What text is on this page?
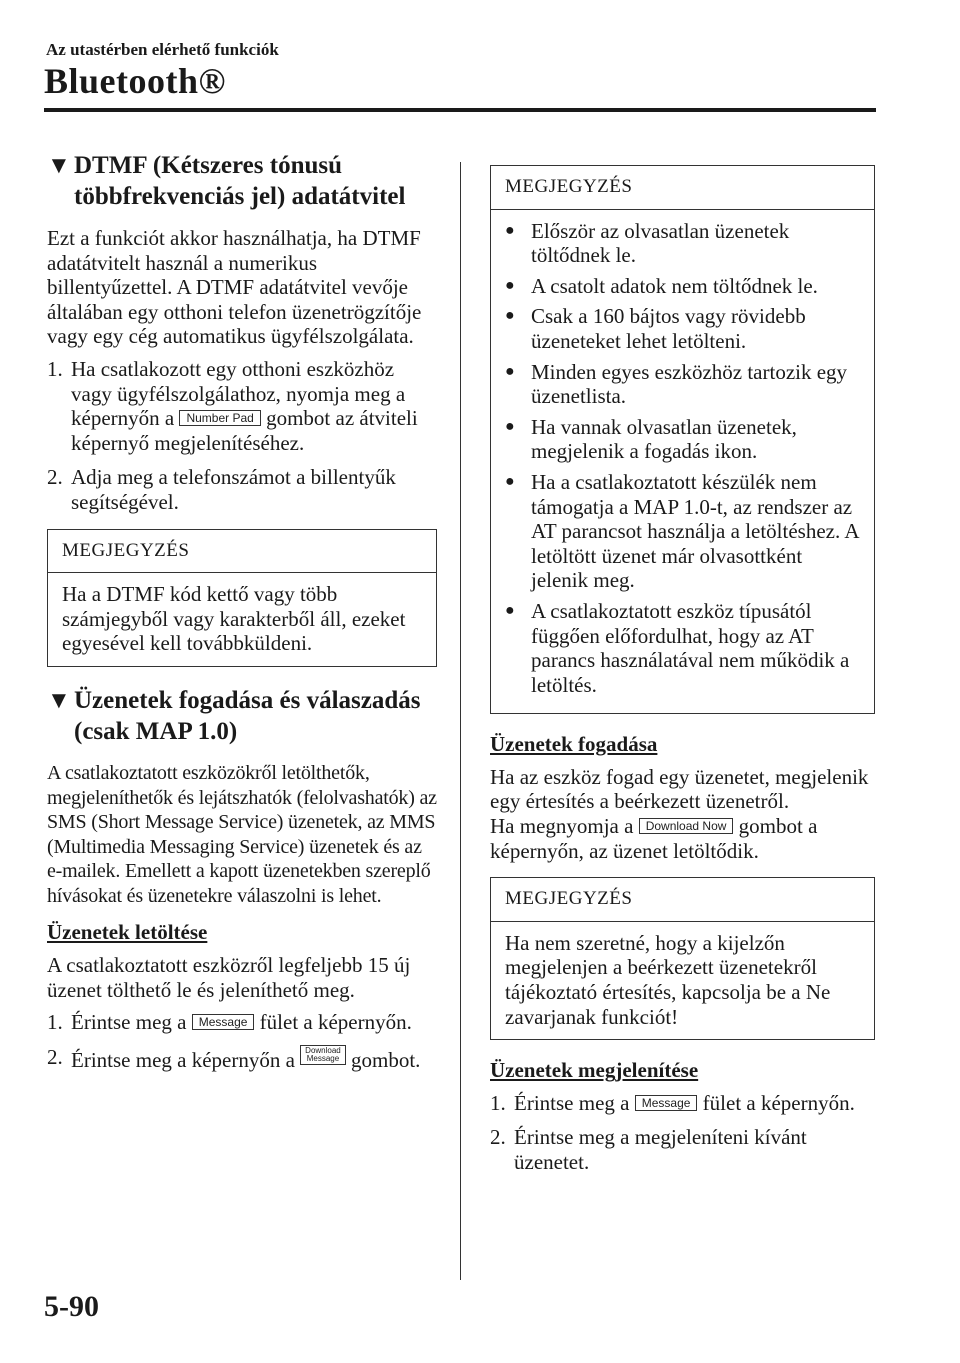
Az utastérben elérhető funkciók
Bluetooth®
▼ DTMF (Kétszeres tónusú többfrekvenciás jel) adatátvitel

Ezt a funkciót akkor használhatja, ha DTMF adatátvitelt használ a numerikus billentyűzettel. A DTMF adatátvitel vevője általában egy otthoni telefon üzenetrögzítője vagy egy cég automatikus ügyfélszolgálata.

1. Ha csatlakozott egy otthoni eszközhöz vagy ügyfélszolgálathoz, nyomja meg a képernyőn a Number Pad gombot az átviteli képernyő megjelenítéséhez.
2. Adja meg a telefonszámot a billentyűk segítségével.
MEGJEGYZÉS
Ha a DTMF kód kettő vagy több számjegyből vagy karakterből áll, ezeket egyesével kell továbbküldeni.
▼ Üzenetek fogadása és válaszadás (csak MAP 1.0)

A csatlakoztatott eszközökről letölthetők, megjeleníthetők és lejátszhatók (felolvashatók) az SMS (Short Message Service) üzenetek, az MMS (Multimedia Messaging Service) üzenetek és az e-mailek. Emellett a kapott üzenetekben szereplő hívásokat és üzenetekre válaszolni is lehet.

Üzenetek letöltése

A csatlakoztatott eszközről legfeljebb 15 új üzenet tölthető le és jeleníthető meg.

1. Érintse meg a Message fület a képernyőn.
2. Érintse meg a képernyőn a Download
Message gombot.
MEGJEGYZÉS
● Először az olvasatlan üzenetek töltődnek le.
● A csatolt adatok nem töltődnek le.
● Csak a 160 bájtos vagy rövidebb üzeneteket lehet letölteni.
● Minden egyes eszközhöz tartozik egy üzenetlista.
● Ha vannak olvasatlan üzenetek, megjelenik a fogadás ikon.
● Ha a csatlakoztatott készülék nem támogatja a MAP 1.0-t, az rendszer az AT parancsot használja a letöltéshez. A letöltött üzenet már olvasottként jelenik meg.
● A csatlakoztatott eszköz típusától függően előfordulhat, hogy az AT parancs használatával nem működik a letöltés.
Üzenetek fogadása

Ha az eszköz fogad egy üzenetet, megjelenik egy értesítés a beérkezett üzenetről.

Ha megnyomja a Download Now gombot a képernyőn, az üzenet letöltődik.

MEGJEGYZÉS
Ha nem szeretné, hogy a kijelzőn megjelenjen a beérkezett üzenetekről tájékoztató értesítés, kapcsolja be a Ne zavarjanak funkciót!
Üzenetek megjelenítése
1. Érintse meg a Message fület a képernyőn.
2. Érintse meg a megjeleníteni kívánt üzenetet.
5-90
